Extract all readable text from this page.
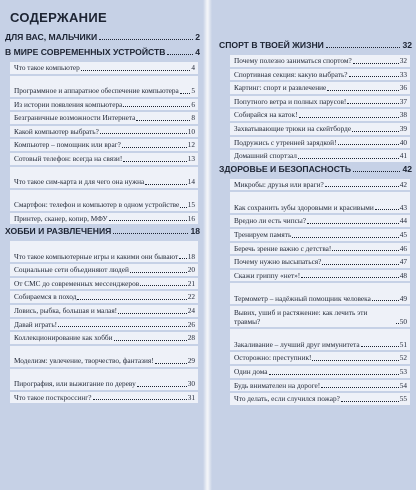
СОДЕРЖАНИЕ
ДЛЯ ВАС, МАЛЬЧИКИ	2
В МИРЕ СОВРЕМЕННЫХ УСТРОЙСТВ	4
Что такое компьютер	4
Программное и аппаратное обеспечение компьютера 5
Из истории появления компьютера	6
Безграничные возможности Интернета	8
Какой компьютер выбрать?	10
Компьютер – помощник или враг?	12
Сотовый телефон: всегда на связи!	13
Что такое сим-карта и для чего она нужна	14
Смартфон: телефон и компьютер в одном устройстве 15
Принтер, сканер, копир, МФУ	16
ХОББИ И РАЗВЛЕЧЕНИЯ	18
Что такое компьютерные игры и какими они бывают 18
Социальные сети объединяют людей	20
От СМС до современных мессенджеров	21
Собираемся в поход	22
Ловись, рыбка, большая и малая!	24
Давай играть!	26
Коллекционирование как хобби	28
Моделизм: увлечение, творчество, фантазия!	29
Пирография, или выжигание по дереву	30
Что такое посткроссинг?	31
СПОРТ В ТВОЕЙ ЖИЗНИ	32
Почему полезно заниматься спортом?	32
Спортивная секция: какую выбрать?	33
Картинг: спорт и развлечение	36
Попутного ветра и полных парусов!	37
Собирайся на каток!	38
Захватывающие трюки на скейтборде	39
Подружись с утренней зарядкой!	40
Домашний спортзал	41
ЗДОРОВЬЕ И БЕЗОПАСНОСТЬ	42
Микробы: друзья или враги?	42
Как сохранить зубы здоровыми и красивыми	43
Вредно ли есть чипсы?	44
Тренируем память	45
Беречь зрение важно с детства!	46
Почему нужно высыпаться?	47
Скажи гриппу «нет»!	48
Термометр – надёжный помощник человека	49
Вывих, ушиб и растяжение: как лечить эти травмы?	50
Закаливание – лучший друг иммунитета	51
Осторожно: преступник!	52
Один дома	53
Будь внимателен на дороге!	54
Что делать, если случился пожар?	55
